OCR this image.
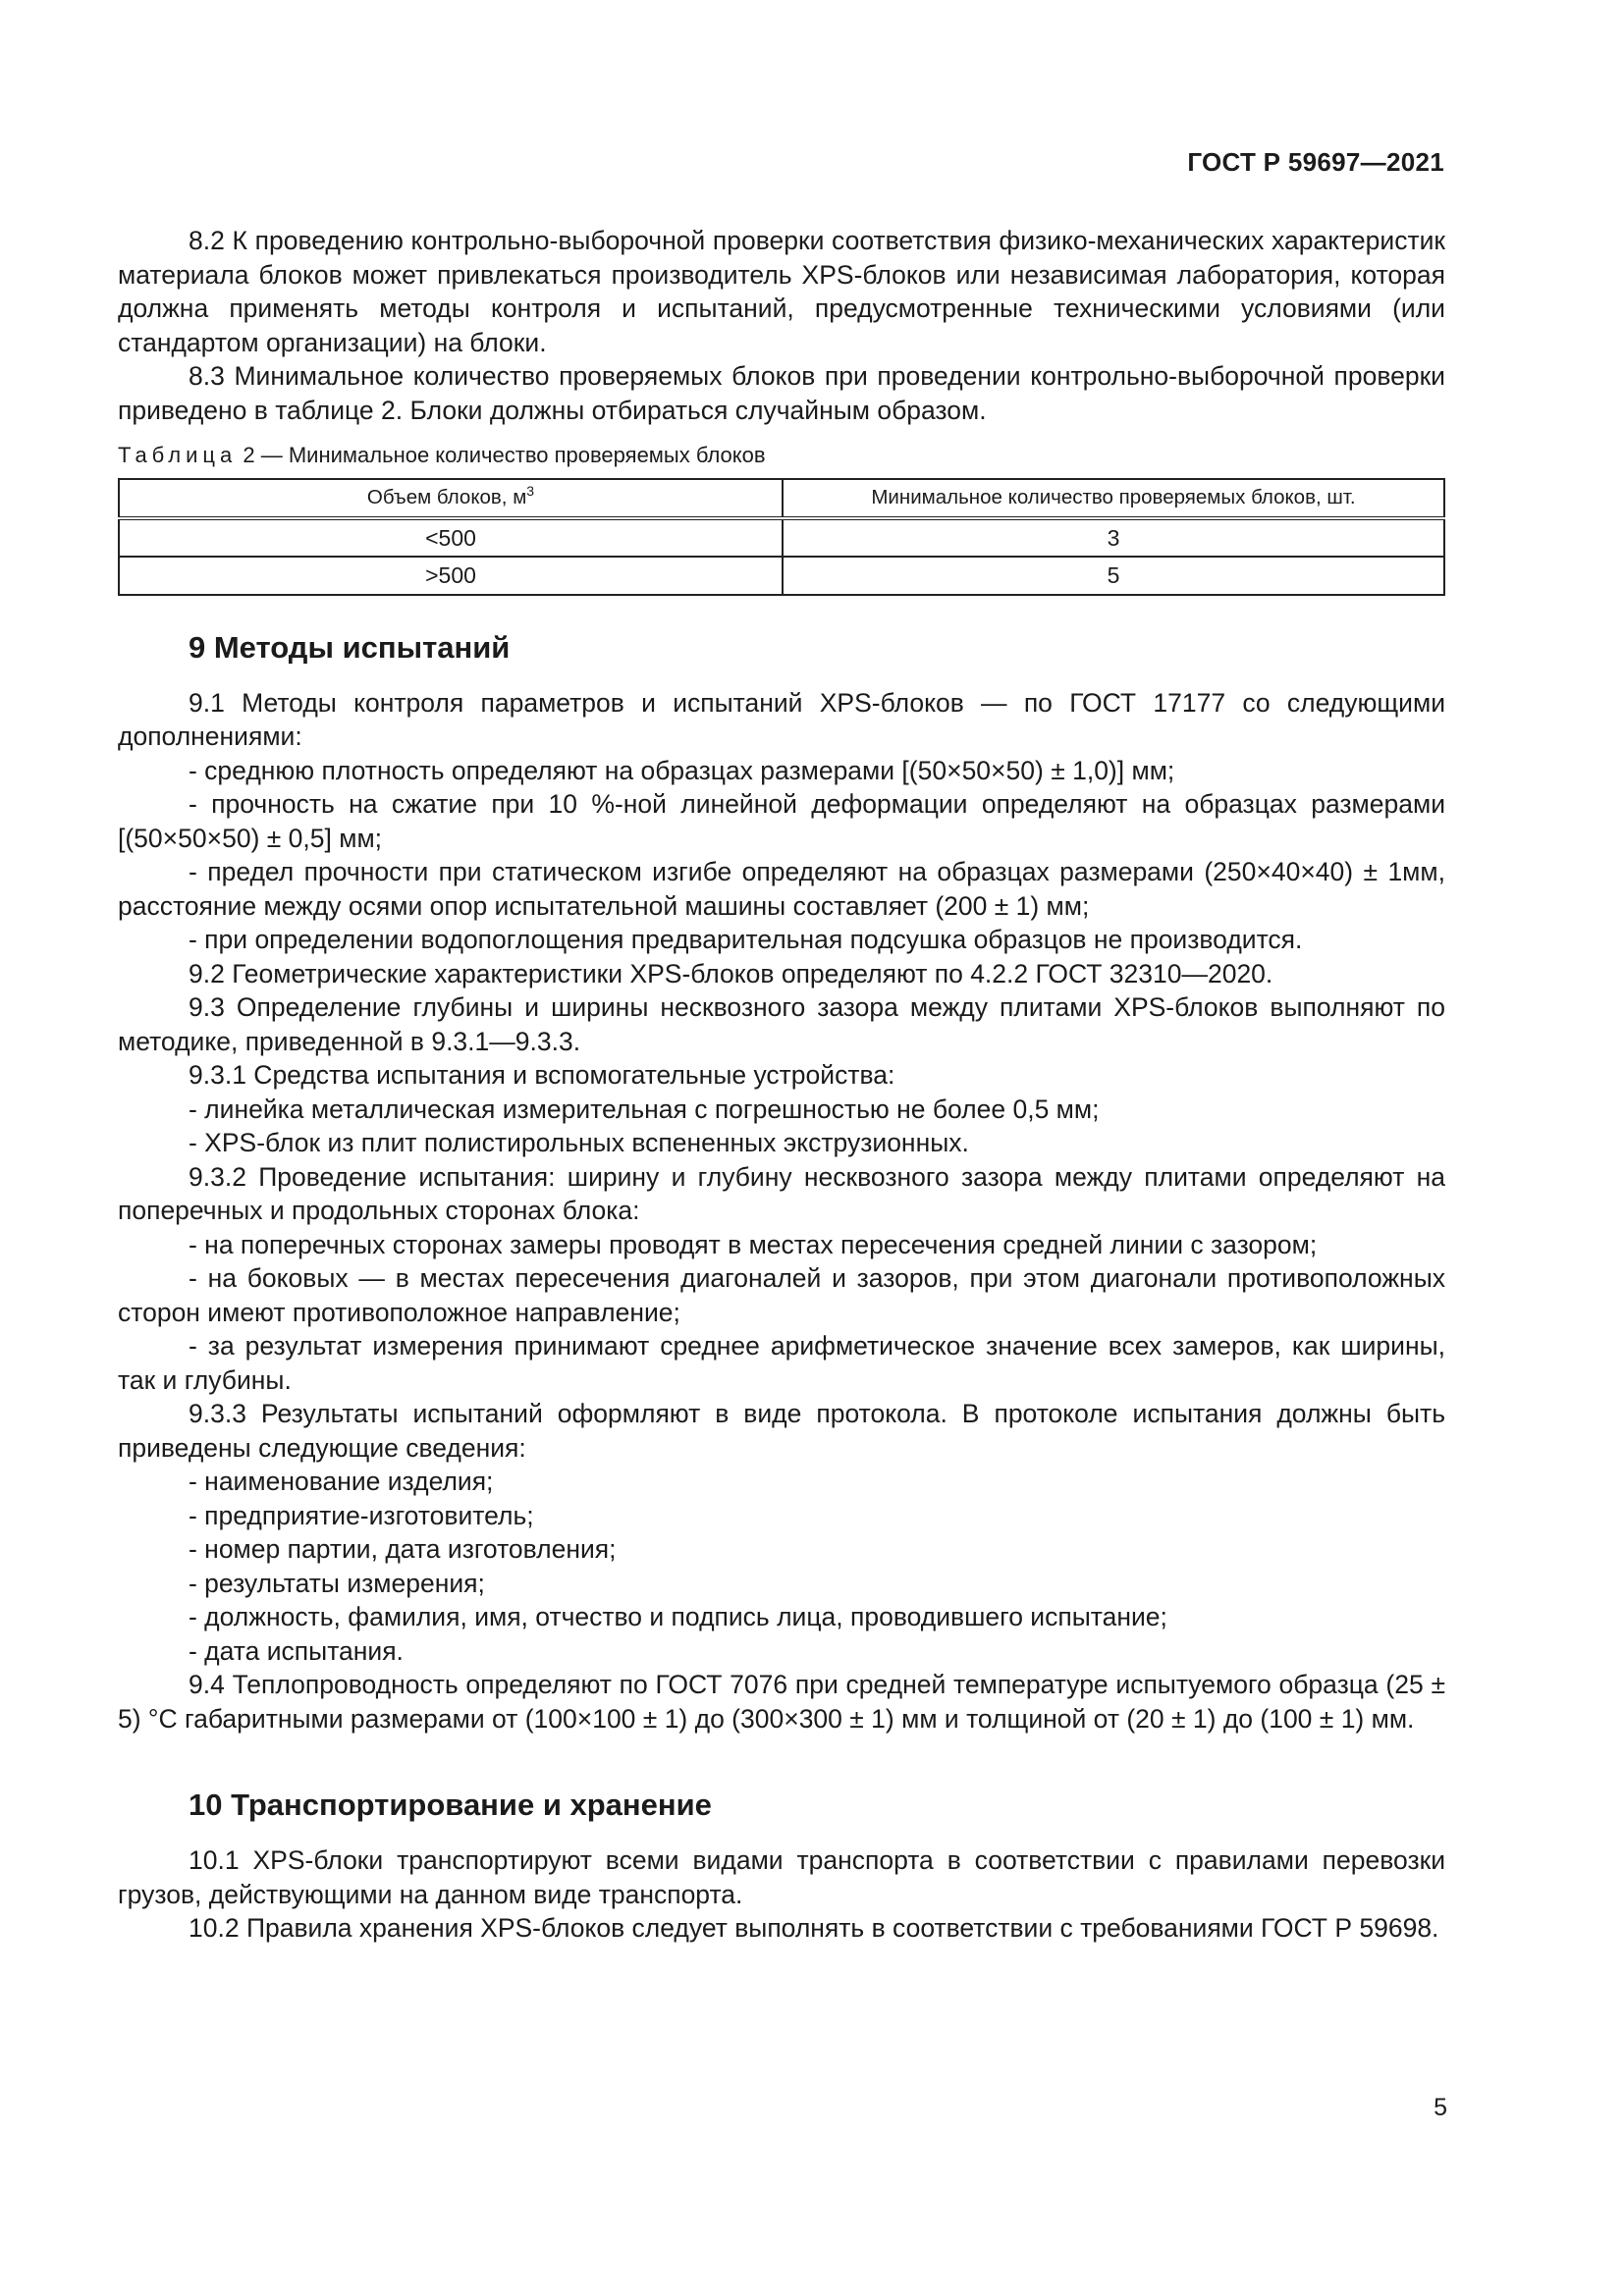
ГОСТ Р 59697—2021

8.2 К проведению контрольно-выборочной проверки соответствия физико-механических характеристик материала блоков может привлекаться производитель XPS-блоков или независимая лаборатория, которая должна применять методы контроля и испытаний, предусмотренные техническими условиями (или стандартом организации) на блоки.

8.3 Минимальное количество проверяемых блоков при проведении контрольно-выборочной проверки приведено в таблице 2. Блоки должны отбираться случайным образом.

Таблица 2 — Минимальное количество проверяемых блоков
Объем блоков, $м^3$	Минимальное количество проверяемых блоков, шт.
<500	3
>500	5
9 Методы испытаний

9.1 Методы контроля параметров и испытаний XPS-блоков — по ГОСТ 17177 со следующими дополнениями:

- среднюю плотность определяют на образцах размерами [(50×50×50) ± 1,0)] мм;

- прочность на сжатие при 10 %-ной линейной деформации определяют на образцах размерами [(50×50×50) ± 0,5] мм;

- предел прочности при статическом изгибе определяют на образцах размерами (250×40×40) ± 1мм, расстояние между осями опор испытательной машины составляет (200 ± 1) мм;

- при определении водопоглощения предварительная подсушка образцов не производится.

9.2 Геометрические характеристики XPS-блоков определяют по 4.2.2 ГОСТ 32310—2020.

9.3 Определение глубины и ширины несквозного зазора между плитами XPS-блоков выполняют по методике, приведенной в 9.3.1—9.3.3.

9.3.1 Средства испытания и вспомогательные устройства:

- линейка металлическая измерительная с погрешностью не более 0,5 мм;

- XPS-блок из плит полистирольных вспененных экструзионных.

9.3.2 Проведение испытания: ширину и глубину несквозного зазора между плитами определяют на поперечных и продольных сторонах блока:

- на поперечных сторонах замеры проводят в местах пересечения средней линии с зазором;

- на боковых — в местах пересечения диагоналей и зазоров, при этом диагонали противоположных сторон имеют противоположное направление;

- за результат измерения принимают среднее арифметическое значение всех замеров, как ширины, так и глубины.

9.3.3 Результаты испытаний оформляют в виде протокола. В протоколе испытания должны быть приведены следующие сведения:

- наименование изделия;

- предприятие-изготовитель;

- номер партии, дата изготовления;

- результаты измерения;

- должность, фамилия, имя, отчество и подпись лица, проводившего испытание;

- дата испытания.

9.4 Теплопроводность определяют по ГОСТ 7076 при средней температуре испытуемого образца (25 ± 5) °С габаритными размерами от (100×100 ± 1) до (300×300 ± 1) мм и толщиной от (20 ± 1) до (100 ± 1) мм.

10 Транспортирование и хранение

10.1 XPS-блоки транспортируют всеми видами транспорта в соответствии с правилами перевозки грузов, действующими на данном виде транспорта.

10.2 Правила хранения XPS-блоков следует выполнять в соответствии с требованиями ГОСТ Р 59698.

5
